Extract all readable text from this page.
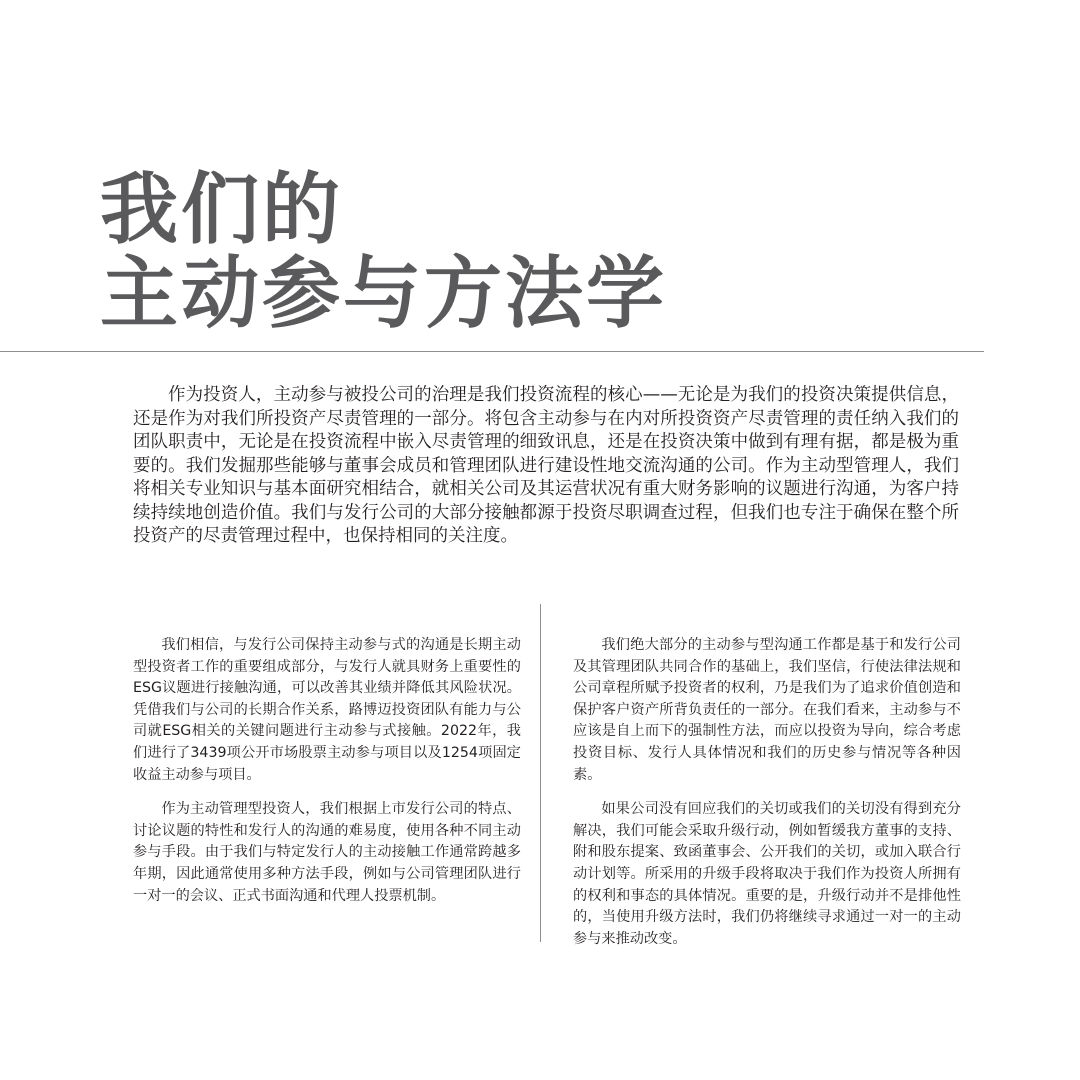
我们的
主动参与方法学

作为投资人，主动参与被投公司的治理是我们投资流程的核心——无论是为我们的投资决策提供信息，还是作为对我们所投资产尽责管理的一部分。将包含主动参与在内对所投资资产尽责管理的责任纳入我们的团队职责中，无论是在投资流程中嵌入尽责管理的细致讯息，还是在投资决策中做到有理有据，都是极为重要的。我们发掘那些能够与董事会成员和管理团队进行建设性地交流沟通的公司。作为主动型管理人，我们将相关专业知识与基本面研究相结合，就相关公司及其运营状况有重大财务影响的议题进行沟通，为客户持续持续地创造价值。我们与发行公司的大部分接触都源于投资尽职调查过程，但我们也专注于确保在整个所投资产的尽责管理过程中，也保持相同的关注度。

我们相信，与发行公司保持主动参与式的沟通是长期主动型投资者工作的重要组成部分，与发行人就具财务上重要性的ESG议题进行接触沟通，可以改善其业绩并降低其风险状况。凭借我们与公司的长期合作关系，路博迈投资团队有能力与公司就ESG相关的关键问题进行主动参与式接触。2022年，我们进行了3439项公开市场股票主动参与项目以及1254项固定收益主动参与项目。

作为主动管理型投资人，我们根据上市发行公司的特点、 讨论议题的特性和发行人的沟通的难易度，使用各种不同主动参与手段。由于我们与特定发行人的主动接触工作通常跨越多年期，因此通常使用多种方法手段，例如与公司管理团队进行一对一的会议、正式书面沟通和代理人投票机制。

我们绝大部分的主动参与型沟通工作都是基于和发行公司及其管理团队共同合作的基础上，我们坚信，行使法律法规和公司章程所赋予投资者的权利，乃是我们为了追求价值创造和保护客户资产所背负责任的一部分。在我们看来，主动参与不应该是自上而下的强制性方法，而应以投资为导向，综合考虑投资目标、发行人具体情况和我们的历史参与情况等各种因素。

如果公司没有回应我们的关切或我们的关切没有得到充分解决，我们可能会采取升级行动，例如暂缓我方董事的支持、附和股东提案、致函董事会、公开我们的关切，或加入联合行动计划等。所采用的升级手段将取决于我们作为投资人所拥有的权利和事态的具体情况。重要的是，升级行动并不是排他性的，当使用升级方法时，我们仍将继续寻求通过一对一的主动参与来推动改变。
